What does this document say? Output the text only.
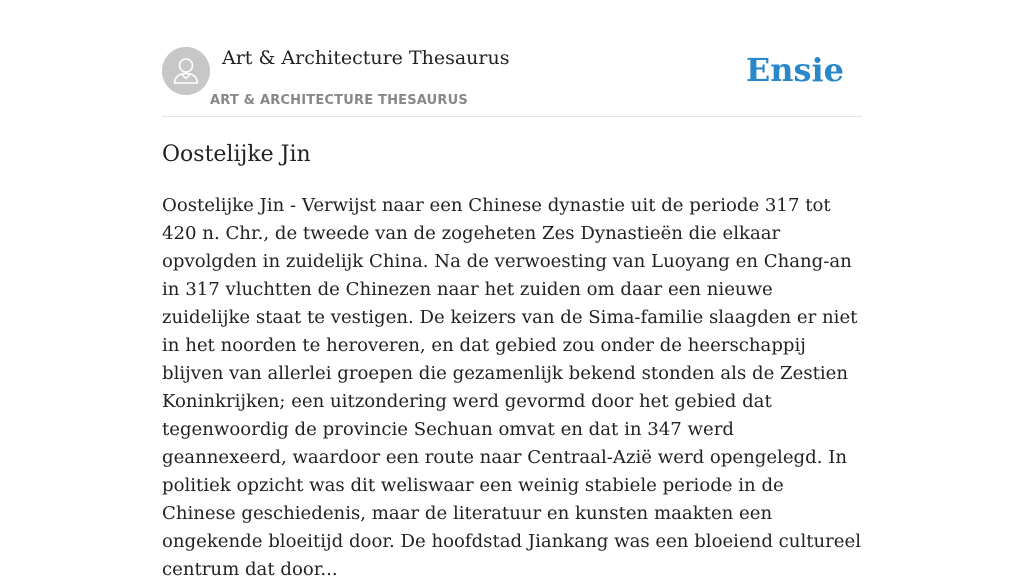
Art & Architecture Thesaurus
ART & ARCHITECTURE THESAURUS
Ensie
Oostelijke Jin

Oostelijke Jin - Verwijst naar een Chinese dynastie uit de periode 317 tot 420 n. Chr., de tweede van de zogeheten Zes Dynastieën die elkaar opvolgden in zuidelijk China. Na de verwoesting van Luoyang en Chang-an in 317 vluchtten de Chinezen naar het zuiden om daar een nieuwe zuidelijke staat te vestigen. De keizers van de Sima-familie slaagden er niet in het noorden te heroveren, en dat gebied zou onder de heerschappij blijven van allerlei groepen die gezamenlijk bekend stonden als de Zestien Koninkrijken; een uitzondering werd gevormd door het gebied dat tegenwoordig de provincie Sechuan omvat en dat in 347 werd geannexeerd, waardoor een route naar Centraal-Azië werd opengelegd. In politiek opzicht was dit weliswaar een weinig stabiele periode in de Chinese geschiedenis, maar de literatuur en kunsten maakten een ongekende bloeitijd door. De hoofdstad Jiankang was een bloeiend cultureel centrum dat door...
